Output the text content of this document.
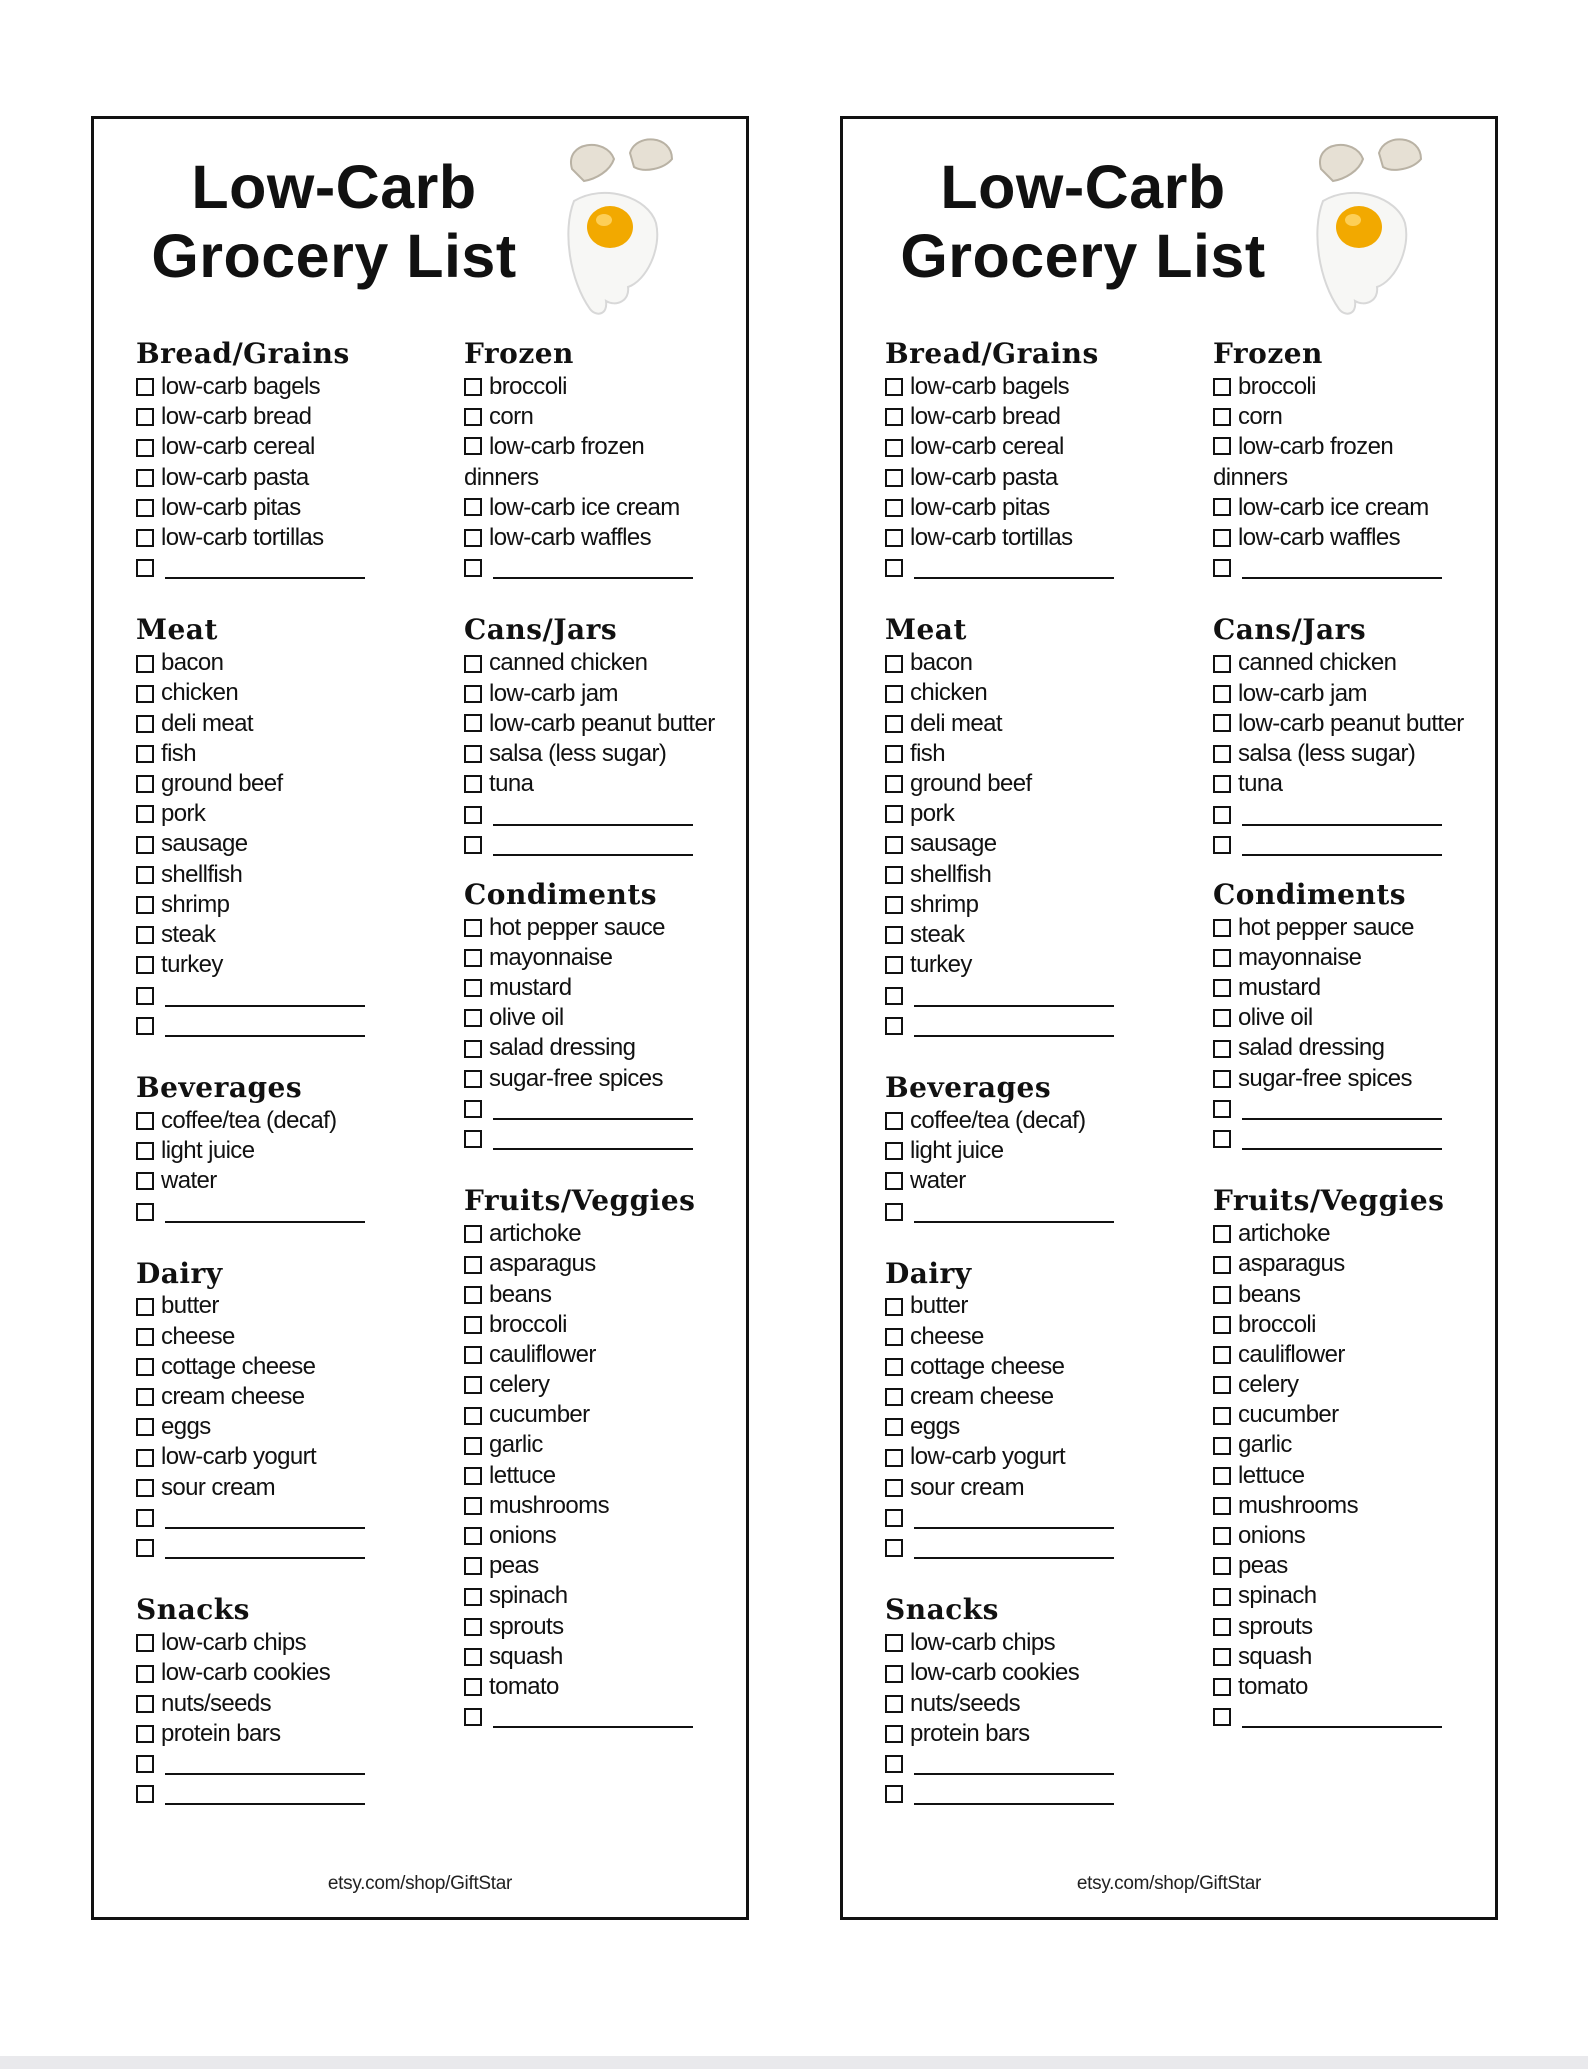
Low-Carb
Grocery List
Bread/Grains
low-carb bagels
low-carb bread
low-carb cereal
low-carb pasta
low-carb pitas
low-carb tortillas
Meat
bacon
chicken
deli meat
fish
ground beef
pork
sausage
shellfish
shrimp
steak
turkey
Beverages
coffee/tea (decaf)
light juice
water
Dairy
butter
cheese
cottage cheese
cream cheese
eggs
low-carb yogurt
sour cream
Snacks
low-carb chips
low-carb cookies
nuts/seeds
protein bars
Frozen
broccoli
corn
low-carb frozen dinners
low-carb ice cream
low-carb waffles
Cans/Jars
canned chicken
low-carb jam
low-carb peanut butter
salsa (less sugar)
tuna
Condiments
hot pepper sauce
mayonnaise
mustard
olive oil
salad dressing
sugar-free spices
Fruits/Veggies
artichoke
asparagus
beans
broccoli
cauliflower
celery
cucumber
garlic
lettuce
mushrooms
onions
peas
spinach
sprouts
squash
tomato
etsy.com/shop/GiftStar
Low-Carb
Grocery List
Bread/Grains
low-carb bagels
low-carb bread
low-carb cereal
low-carb pasta
low-carb pitas
low-carb tortillas
Meat
bacon
chicken
deli meat
fish
ground beef
pork
sausage
shellfish
shrimp
steak
turkey
Beverages
coffee/tea (decaf)
light juice
water
Dairy
butter
cheese
cottage cheese
cream cheese
eggs
low-carb yogurt
sour cream
Snacks
low-carb chips
low-carb cookies
nuts/seeds
protein bars
Frozen
broccoli
corn
low-carb frozen dinners
low-carb ice cream
low-carb waffles
Cans/Jars
canned chicken
low-carb jam
low-carb peanut butter
salsa (less sugar)
tuna
Condiments
hot pepper sauce
mayonnaise
mustard
olive oil
salad dressing
sugar-free spices
Fruits/Veggies
artichoke
asparagus
beans
broccoli
cauliflower
celery
cucumber
garlic
lettuce
mushrooms
onions
peas
spinach
sprouts
squash
tomato
etsy.com/shop/GiftStar
